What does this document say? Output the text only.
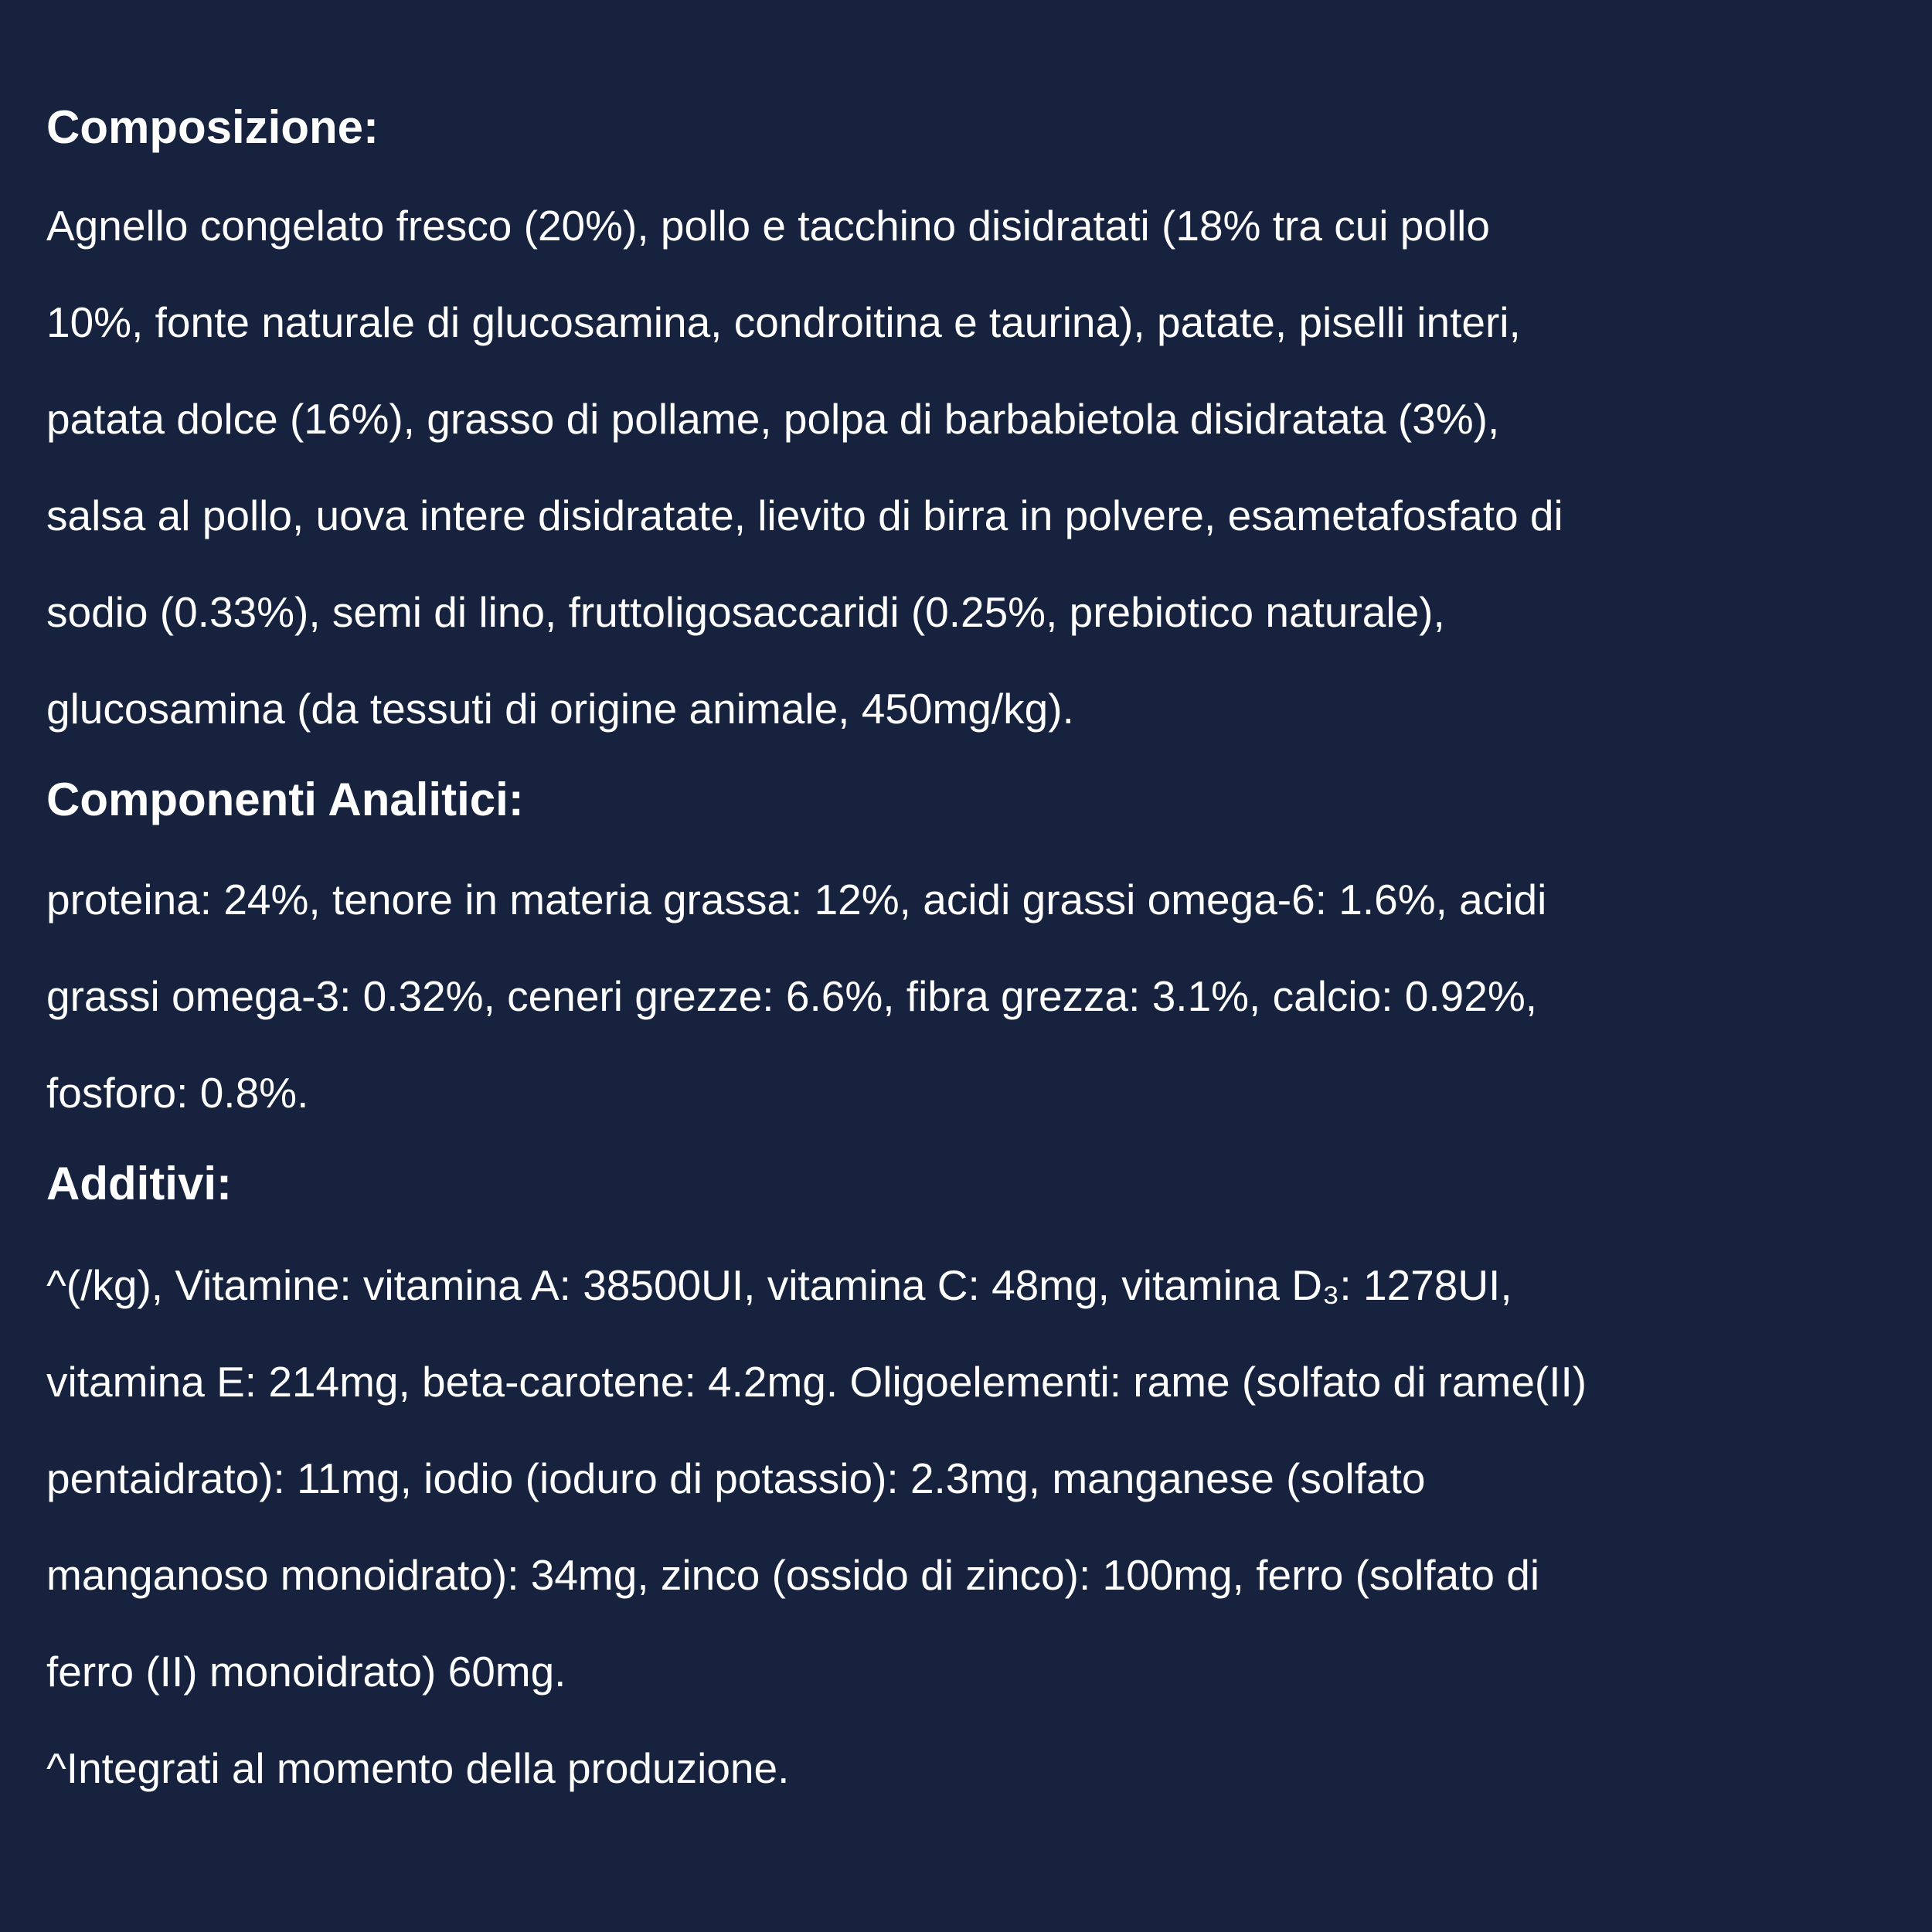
Composizione:
Agnello congelato fresco (20%), pollo e tacchino disidratati (18% tra cui pollo
10%, fonte naturale di glucosamina, condroitina e taurina), patate, piselli interi,
patata dolce (16%), grasso di pollame, polpa di barbabietola disidratata (3%),
salsa al pollo, uova intere disidratate, lievito di birra in polvere, esametafosfato di
sodio (0.33%), semi di lino, fruttoligosaccaridi (0.25%, prebiotico naturale),
glucosamina (da tessuti di origine animale, 450mg/kg).
Componenti Analitici:
proteina: 24%, tenore in materia grassa: 12%, acidi grassi omega-6: 1.6%, acidi
grassi omega-3: 0.32%, ceneri grezze: 6.6%, fibra grezza: 3.1%, calcio: 0.92%,
fosforo: 0.8%.
Additivi:
^(/kg), Vitamine: vitamina A: 38500UI, vitamina C: 48mg, vitamina D₃: 1278UI,
vitamina E: 214mg, beta-carotene: 4.2mg. Oligoelementi: rame (solfato di rame(II)
pentaidrato): 11mg, iodio (ioduro di potassio): 2.3mg, manganese (solfato
manganoso monoidrato): 34mg, zinco (ossido di zinco): 100mg, ferro (solfato di
ferro (II) monoidrato) 60mg.

^Integrati al momento della produzione.
